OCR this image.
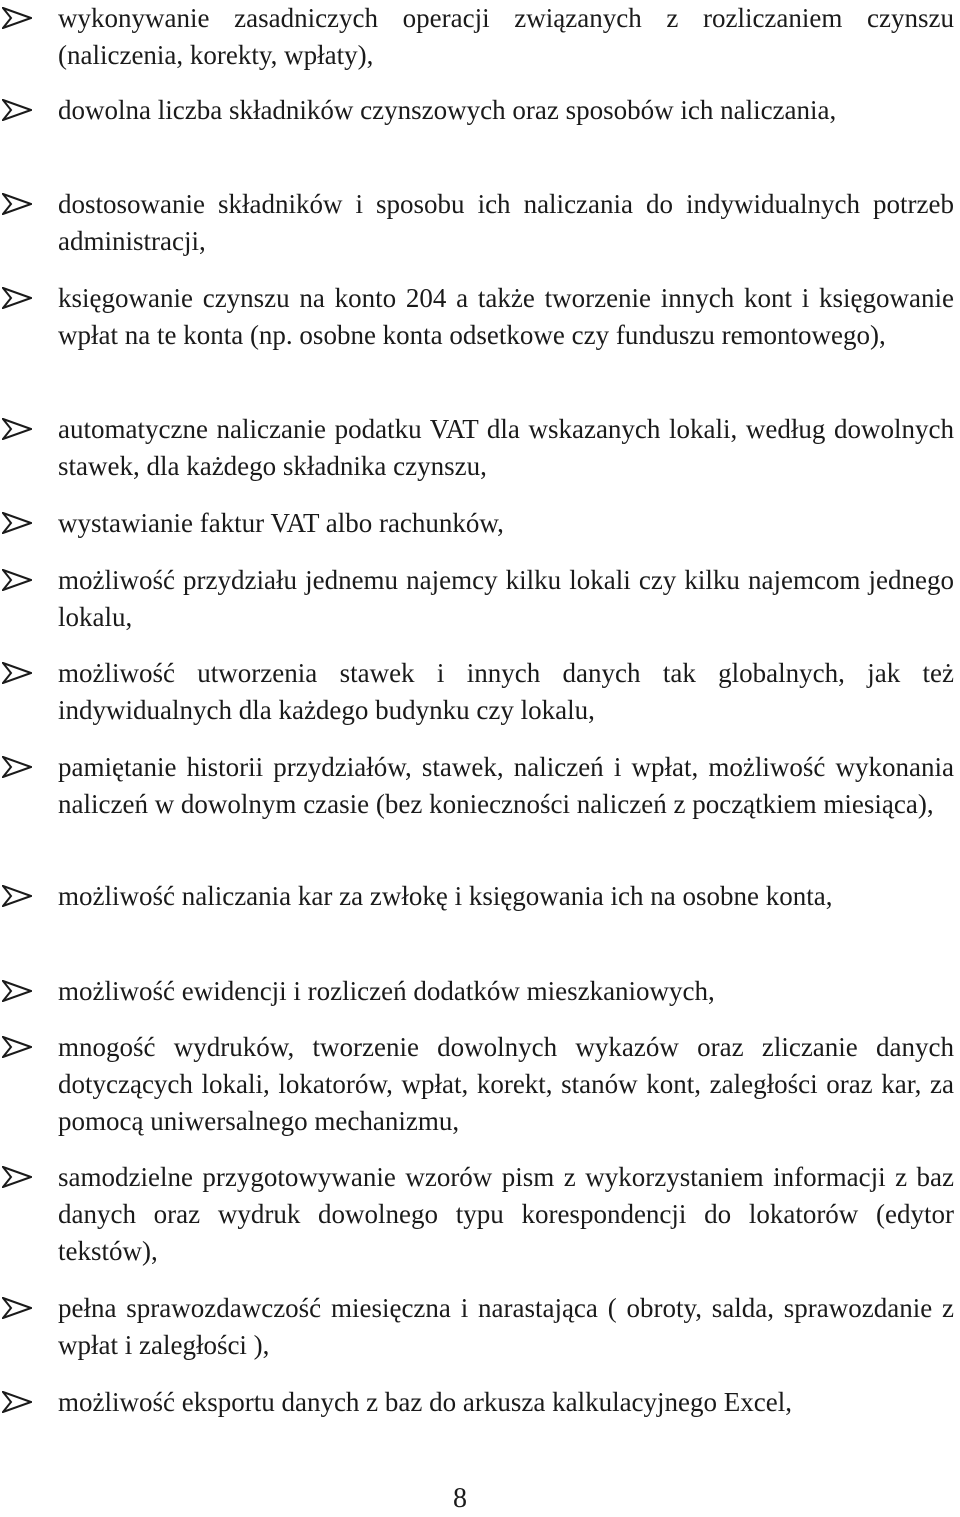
wykonywanie zasadniczych operacji związanych z rozliczaniem czynszu (naliczenia, korekty, wpłaty),
dowolna liczba składników czynszowych oraz sposobów ich naliczania,
dostosowanie składników i sposobu ich naliczania do indywidualnych potrzeb administracji,
księgowanie czynszu na konto 204 a także tworzenie innych kont i księgowanie wpłat na te konta (np. osobne konta odsetkowe czy funduszu remontowego),
automatyczne naliczanie podatku VAT dla wskazanych lokali, według dowolnych stawek, dla każdego składnika czynszu,
wystawianie faktur VAT albo rachunków,
możliwość przydziału jednemu najemcy kilku lokali czy kilku najemcom jednego lokalu,
możliwość utworzenia stawek i innych danych tak globalnych, jak też indywidualnych dla każdego budynku czy lokalu,
pamiętanie historii przydziałów, stawek, naliczeń i wpłat, możliwość wykonania naliczeń w dowolnym czasie (bez konieczności naliczeń z początkiem miesiąca),
możliwość naliczania kar za zwłokę i księgowania ich na osobne konta,
możliwość ewidencji i rozliczeń dodatków mieszkaniowych,
mnogość wydruków, tworzenie dowolnych wykazów oraz zliczanie danych dotyczących lokali, lokatorów, wpłat, korekt, stanów kont, zaległości oraz kar, za pomocą uniwersalnego mechanizmu,
samodzielne przygotowywanie wzorów pism z wykorzystaniem informacji z baz danych oraz wydruk dowolnego typu korespondencji do lokatorów (edytor tekstów),
pełna sprawozdawczość miesięczna i narastająca ( obroty, salda, sprawozdanie z wpłat i zaległości ),
możliwość eksportu danych z baz do arkusza kalkulacyjnego Excel,
8
